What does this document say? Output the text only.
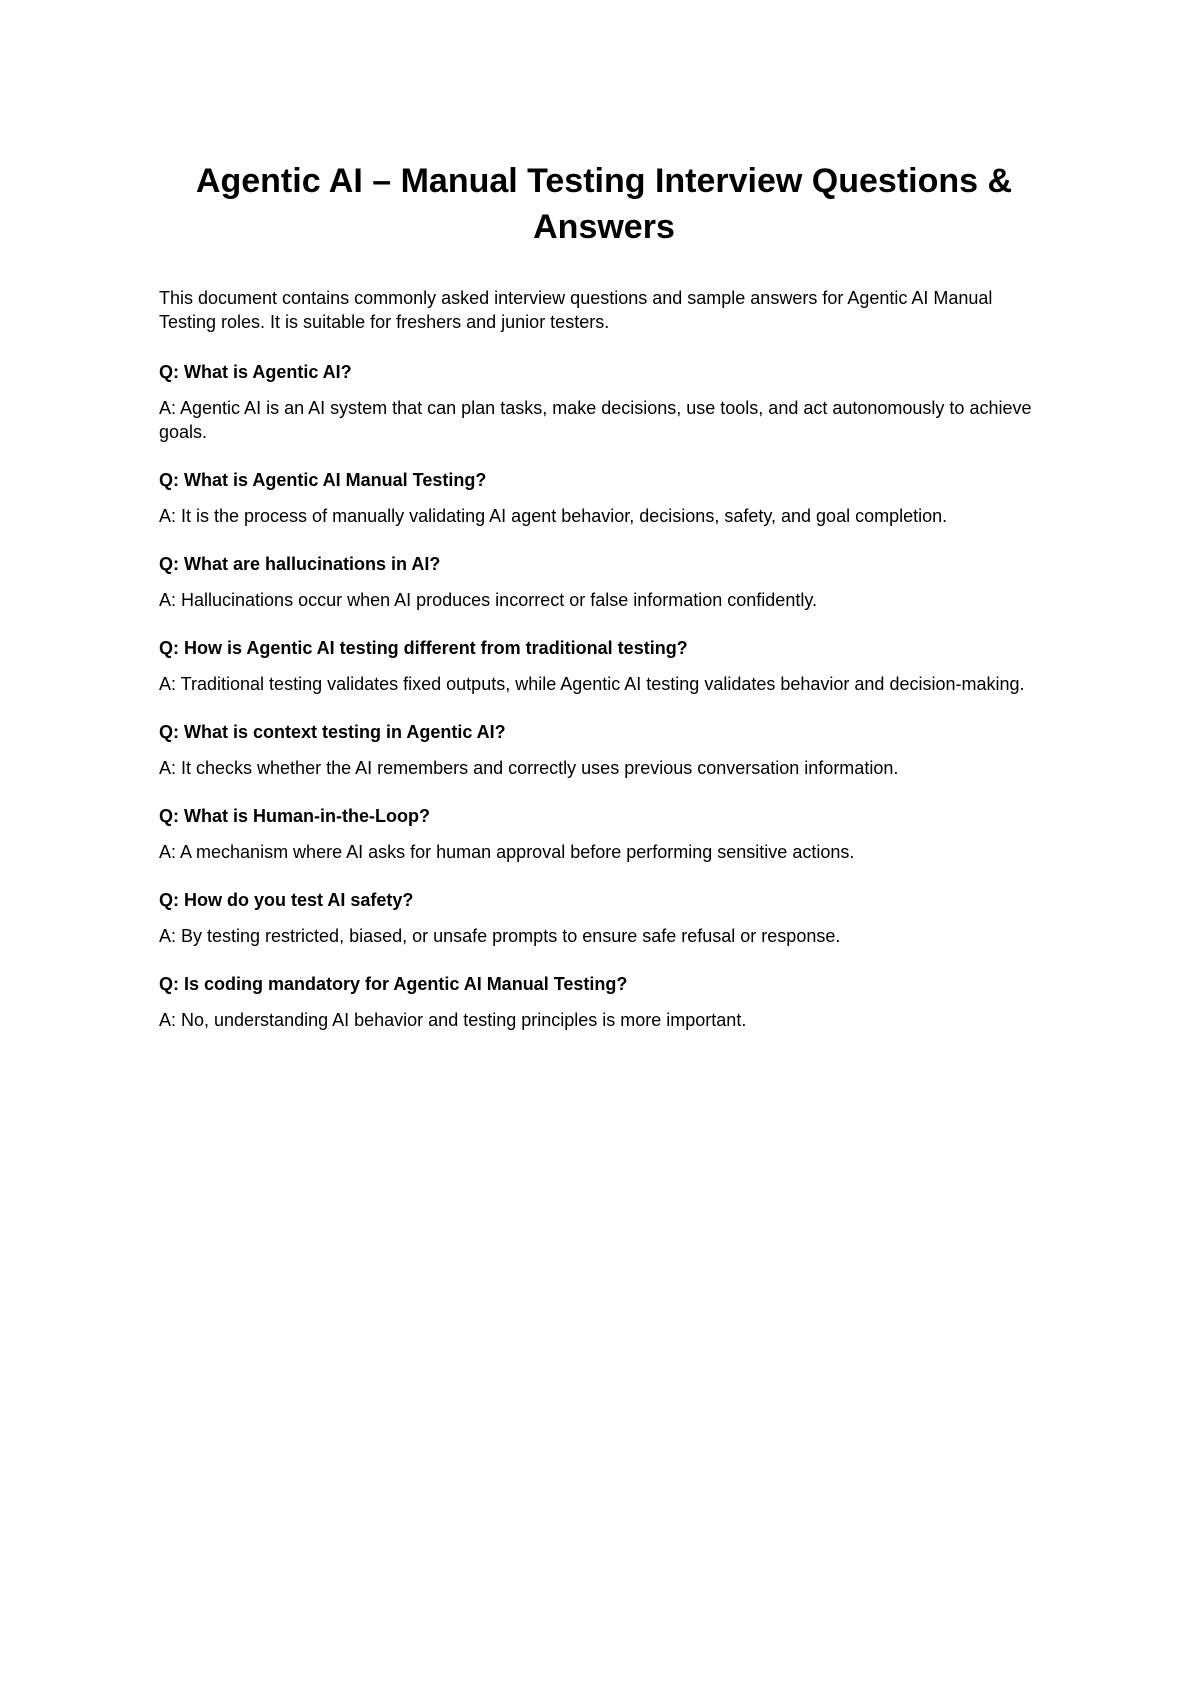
Agentic AI – Manual Testing Interview Questions & Answers

This document contains commonly asked interview questions and sample answers for Agentic AI Manual Testing roles. It is suitable for freshers and junior testers.

Q: What is Agentic AI?

A: Agentic AI is an AI system that can plan tasks, make decisions, use tools, and act autonomously to achieve goals.

Q: What is Agentic AI Manual Testing?

A: It is the process of manually validating AI agent behavior, decisions, safety, and goal completion.

Q: What are hallucinations in AI?

A: Hallucinations occur when AI produces incorrect or false information confidently.

Q: How is Agentic AI testing different from traditional testing?

A: Traditional testing validates fixed outputs, while Agentic AI testing validates behavior and decision-making.

Q: What is context testing in Agentic AI?

A: It checks whether the AI remembers and correctly uses previous conversation information.

Q: What is Human-in-the-Loop?

A: A mechanism where AI asks for human approval before performing sensitive actions.

Q: How do you test AI safety?

A: By testing restricted, biased, or unsafe prompts to ensure safe refusal or response.

Q: Is coding mandatory for Agentic AI Manual Testing?

A: No, understanding AI behavior and testing principles is more important.
